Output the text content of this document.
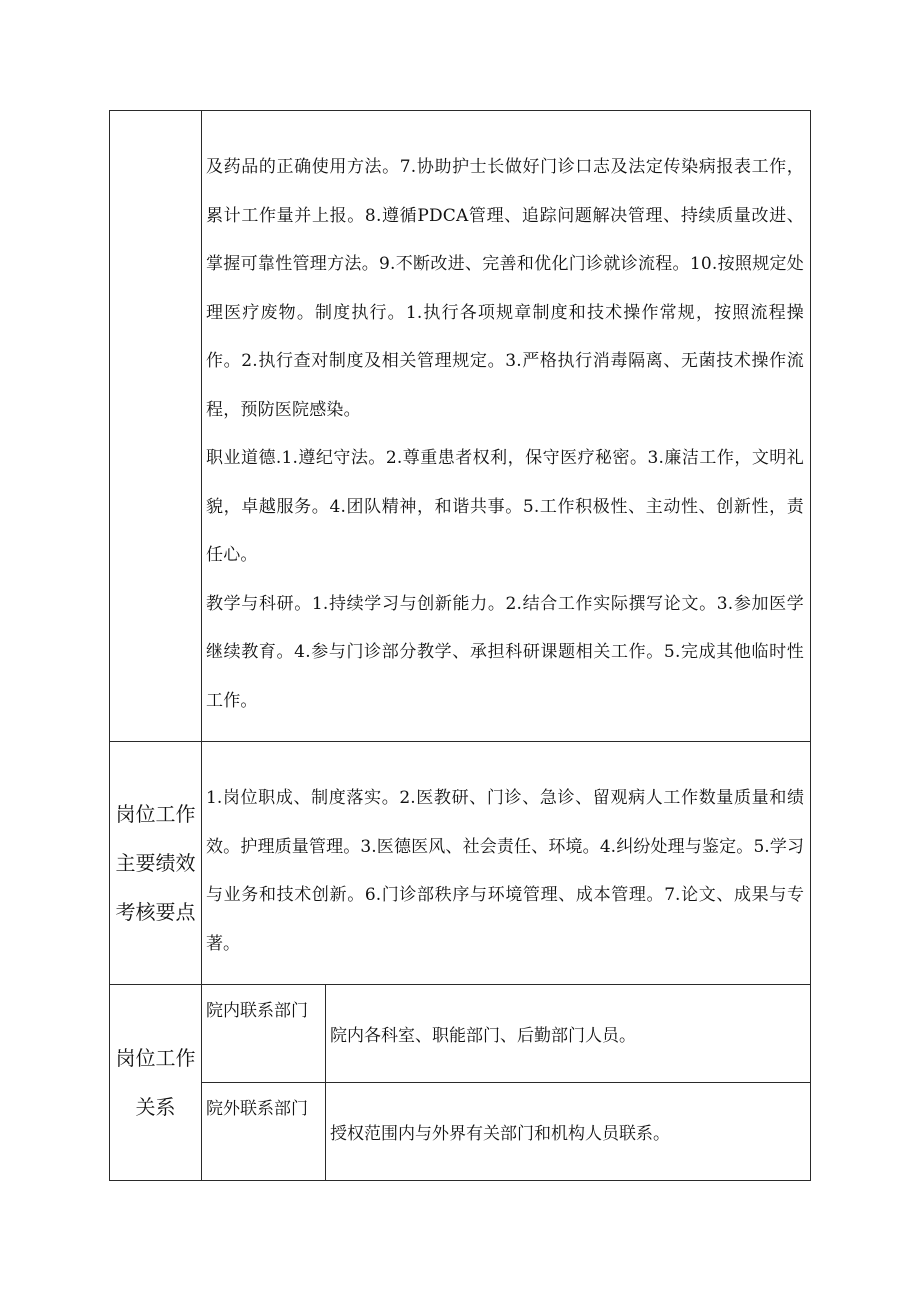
	及药品的正确使用方法。7.协助护士长做好门诊口志及法定传染病报表工作，累计工作量并上报。8.遵循PDCA管理、追踪问题解决管理、持续质量改进、掌握可靠性管理方法。9.不断改进、完善和优化门诊就诊流程。10.按照规定处理医疗废物。制度执行。1.执行各项规章制度和技术操作常规，按照流程操作。2.执行查对制度及相关管理规定。3.严格执行消毒隔离、无菌技术操作流程，预防医院感染。

职业道德.1.遵纪守法。2.尊重患者权利，保守医疗秘密。3.廉洁工作，文明礼貌，卓越服务。4.团队精神，和谐共事。5.工作积极性、主动性、创新性，责任心。

教学与科研。1.持续学习与创新能力。2.结合工作实际撰写论文。3.参加医学继续教育。4.参与门诊部分教学、承担科研课题相关工作。5.完成其他临时性工作。	

岗位工作主要绩效考核要点	1.岗位职成、制度落实。2.医教研、门诊、急诊、留观病人工作数量质量和绩效。护理质量管理。3.医德医风、社会责任、环境。4.纠纷处理与鉴定。5.学习与业务和技术创新。6.门诊部秩序与环境管理、成本管理。7.论文、成果与专著。	
岗位工作关系	院内联系部门	院内各科室、职能部门、后勤部门人员。
	院外联系部门	授权范围内与外界有关部门和机构人员联系。
